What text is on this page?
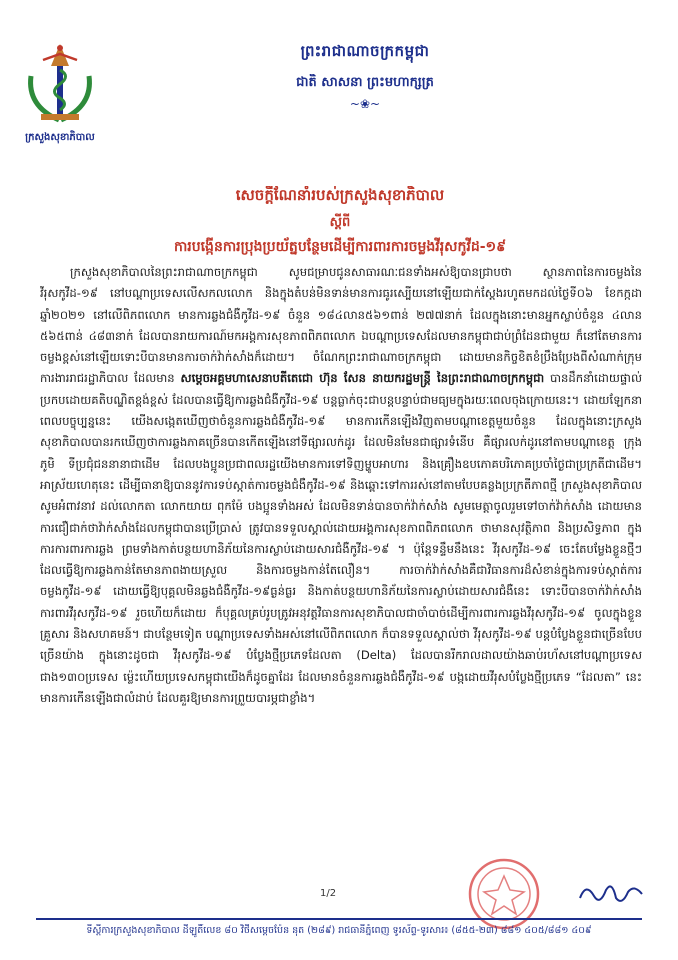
ក្រសួងសុខាភិបាល
ព្រះរាជាណាចក្រកម្ពុជា
ជាតិ សាសនា ព្រះមហាក្សត្រ
~❀~
សេចក្តីណែនាំរបស់ក្រសួងសុខាភិបាល
ស្តីពី
ការបង្កើនការប្រុងប្រយ័ត្នបន្ថែមដើម្បីការពារការចម្លងវីរុសកូវីដ-១៩
ក្រសួងសុខាភិបាលនៃព្រះរាជាណាចក្រកម្ពុជា សូមជម្រាបជូនសាធារណៈជនទាំងអស់ឱ្យបានជ្រាបថា ស្ថានភាពនៃការចម្លងនៃវីរុសកូវីដ-១៩ នៅបណ្តាប្រទេសលើសកលលោក និងក្នុងតំបន់មិនទាន់មានការធូរស្បើយនៅឡើយជាក់ស្តែងរហូតមកដល់ថ្ងៃទី០៦ ខែកក្កដា ឆ្នាំ២០២១ នៅលើពិភពលោក មានការឆ្លងជំងឺកូវីដ-១៩ ចំនួន ១៨៤លាន៥៦១ពាន់ ២៧៧នាក់ ដែលក្នុងនោះមានអ្នកស្លាប់ចំនួន ៤លាន ៥៦៥ពាន់ ៤៨៣នាក់ ដែលបានរាយការណ៍មកអង្គការសុខភាពពិភពលោក ឯបណ្តាប្រទេសដែលមានកម្ពុជាជាប់ព្រំដែនជាមួយ ក៏នៅតែមានការចម្លងខ្ពស់នៅឡើយទោះបីបានមានការចាក់វ៉ាក់សាំងក៏ដោយ។ ចំណែកព្រះរាជាណាចក្រកម្ពុជា ដោយមានកិច្ចខិតខំប្រឹងប្រែងពីសំណាក់ក្រុមការងាររាជរដ្ឋាភិបាល ដែលមាន សម្តេចអគ្គមហាសេនាបតីតេជោ ហ៊ុន សែន នាយករដ្ឋមន្ត្រី នៃព្រះរាជាណាចក្រកម្ពុជា បានដឹកនាំដោយផ្ទាល់ ប្រកបដោយគតិបណ្ឌិតខ្ពង់ខ្ពស់ ដែលបានធ្វើឱ្យការឆ្លងជំងឺកូវីដ-១៩ បន្តធ្លាក់ចុះជាបន្តបន្ទាប់ជាមធ្យមក្នុងរយៈពេលចុងក្រោយនេះ។ ដោយឡែកនាពេលបច្ចុប្បន្ននេះ យើងសង្កេតឃើញថាចំនួនការឆ្លងជំងឺកូវីដ-១៩ មានការកើនឡើងវិញតាមបណ្តាខេត្តមួយចំនួន ដែលក្នុងនោះក្រសួងសុខាភិបាលបានរកឃើញថាការឆ្លងភាគច្រើនបានកើតឡើងនៅទីផ្សារលក់ដូរ ដែលមិនមែនជាផ្សារទំនើប គឺផ្សារលក់ដូរនៅតាមបណ្តាខេត្ត ក្រុង ភូមិ ទីប្រជុំជននានាជាដើម ដែលបងប្អូនប្រជាពលរដ្ឋយើងមានការទៅទិញម្ហូបអាហារ និងគ្រឿងឧបភោគបរិភោគប្រចាំថ្ងៃជាប្រក្រតីជាដើម។ អាស្រ័យហេតុនេះ ដើម្បីធានាឱ្យបាននូវការទប់ស្កាត់ការចម្លងជំងឺកូវីដ-១៩ និងឆ្ពោះទៅការរស់នៅតាមបែបគន្លងប្រក្រតីភាពថ្មី ក្រសួងសុខាភិបាលសូមអំពាវនាវ ដល់លោកតា លោកយាយ ពុកម៉ែ បងប្អូនទាំងអស់ ដែលមិនទាន់បានចាក់វ៉ាក់សាំង សូមមេត្តាចូលរួមទៅចាក់វ៉ាក់សាំង ដោយមានការជឿជាក់ថាវ៉ាក់សាំងដែលកម្ពុជាបានប្រើប្រាស់ ត្រូវបានទទួលស្គាល់ដោយអង្គការសុខភាពពិភពលោក ថាមានសុវត្ថិភាព និងប្រសិទ្ធភាព ក្នុងការការពារការឆ្លង ព្រមទាំងកាត់បន្ថយហានិភ័យនៃការស្លាប់ដោយសារជំងឺកូវីដ-១៩ ។ ប៉ុន្តែទន្ទឹមនឹងនេះ វីរុសកូវីដ-១៩ ចេះតែបម្លែងខ្លួនថ្មីៗ ដែលធ្វើឱ្យការឆ្លងកាន់តែមានភាពងាយស្រួល និងការចម្លងកាន់តែលឿន។ ការចាក់វ៉ាក់សាំងគឺជាវិធានការដ៏សំខាន់ក្នុងការទប់ស្កាត់ការចម្លងកូវីដ-១៩ ដោយធ្វើឱ្យបុគ្គលមិនឆ្លងជំងឺកូវីដ-១៩ធ្ងន់ធ្ងរ និងកាត់បន្ថយហានិភ័យនៃការស្លាប់ដោយសារជំងឺនេះ ទោះបីបានចាក់វ៉ាក់សាំងការពារវីរុសកូវីដ-១៩ រួចហើយក៏ដោយ ក៏បុគ្គលគ្រប់រូបត្រូវអនុវត្តវិធានការសុខាភិបាលជាចាំបាច់ដើម្បីការពារការឆ្លងវីរុសកូវីដ-១៩ ចូលក្នុងខ្លួន គ្រួសារ និងសហគមន៍។ ជាបន្ថែមទៀត បណ្តាប្រទេសទាំងអស់នៅលើពិភពលោក ក៏បានទទួលស្គាល់ថា វីរុសកូវីដ-១៩ បន្តបំប្លែងខ្លួនជាច្រើនបែបច្រើនយ៉ាង ក្នុងនោះដូចជា វីរុសកូវីដ-១៩ បំប្លែងថ្មីប្រភេទដែលតា (Delta) ដែលបានរីករាលដាលយ៉ាងឆាប់រហ័សនៅបណ្តាប្រទេសជាង១៣០ប្រទេស ម្ល៉េះហើយប្រទេសកម្ពុជាយើងក៏ដូចគ្នាដែរ ដែលមានចំនួនការឆ្លងជំងឺកូវីដ-១៩ បង្កដោយវីរុសបំប្លែងថ្មីប្រភេទ “ដែលតា” នេះ មានការកើនឡើងជាលំដាប់ ដែលគួរឱ្យមានការព្រួយបារម្ភជាខ្លាំង។
1/2
ទីស្តីការក្រសួងសុខាភិបាល ដីឡូតិ៍លេខ ៨០ វិថីសម្តេចប៉ែន នុត (២៨៩) រាជធានីភ្នំពេញ ទូរស័ព្ទ-ទូរសារ៖ (៨៥៥-២៣) ៨៨១ ៤០៥/៨៨១ ៤០៩
